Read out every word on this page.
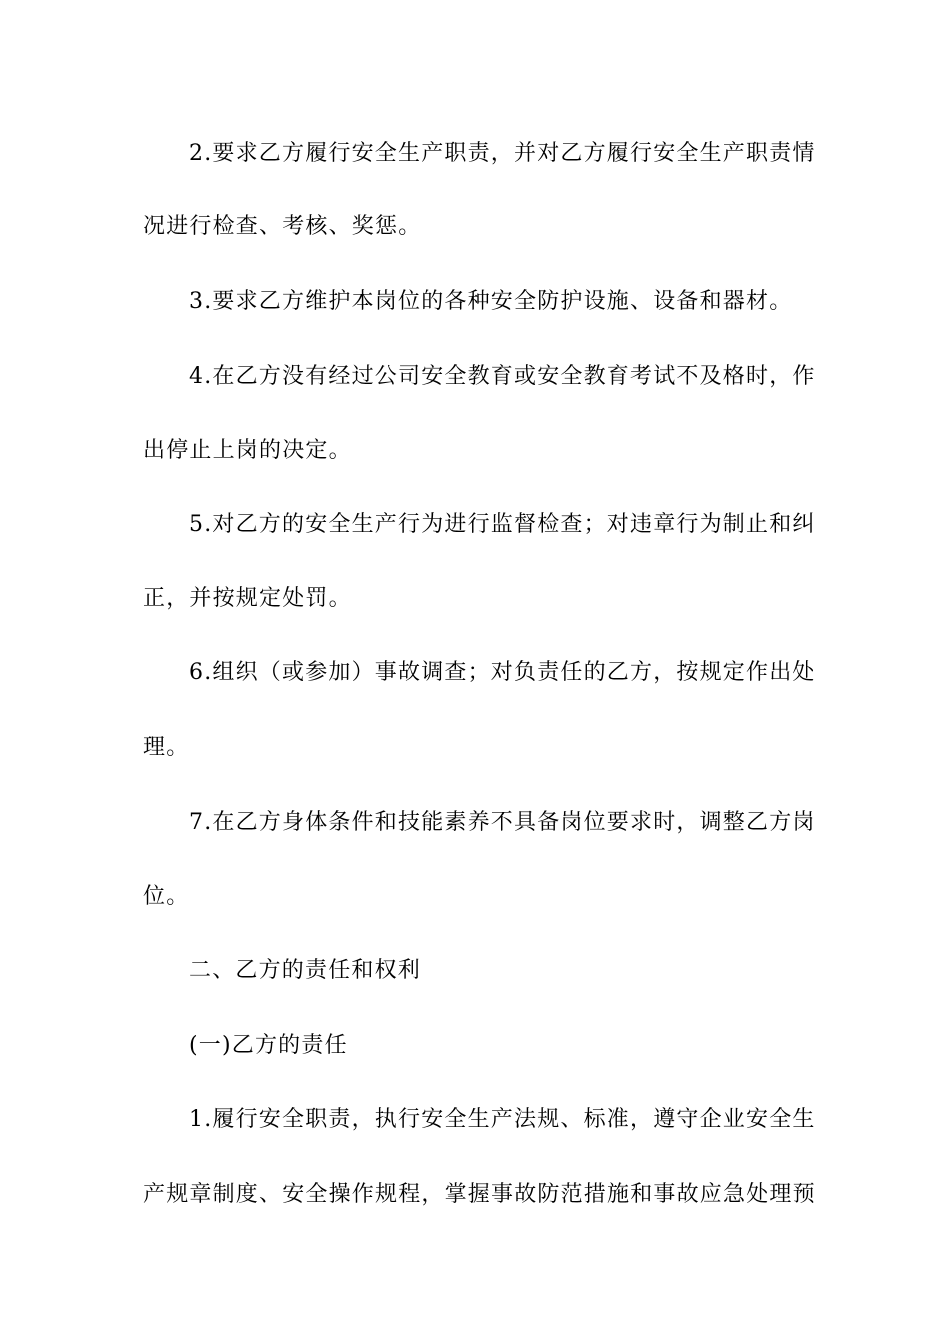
2.要求乙方履行安全生产职责，并对乙方履行安全生产职责情
况进行检查、考核、奖惩。
3.要求乙方维护本岗位的各种安全防护设施、设备和器材。
4.在乙方没有经过公司安全教育或安全教育考试不及格时，作
出停止上岗的决定。
5.对乙方的安全生产行为进行监督检查；对违章行为制止和纠
正，并按规定处罚。
6.组织（或参加）事故调查；对负责任的乙方，按规定作出处
理。
7.在乙方身体条件和技能素养不具备岗位要求时，调整乙方岗
位。
二、乙方的责任和权利
(一)乙方的责任
1.履行安全职责，执行安全生产法规、标准，遵守企业安全生
产规章制度、安全操作规程，掌握事故防范措施和事故应急处理预
